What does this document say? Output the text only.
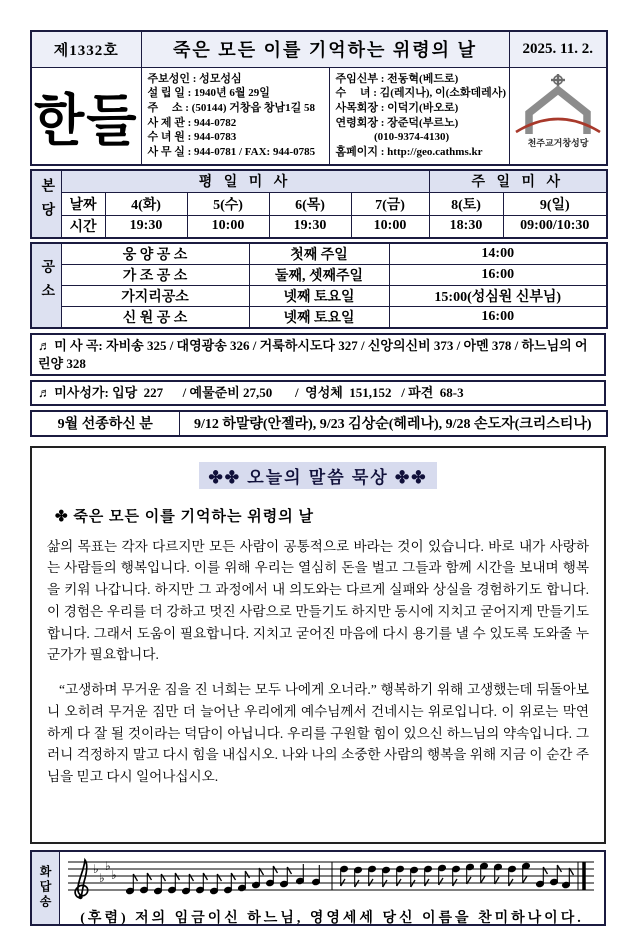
제1332호	죽은 모든 이를 기억하는 위령의 날		2025. 11. 2.
한들	
주보성인 : 성모성심
설 립 일 : 1940년 6월 29일
주     소 : (50144) 거창읍 창남1길 58
사 제 관 : 944-0782
수 녀 원 : 944-0783
사 무 실 : 944-0781 / FAX: 944-0785

주임신부 : 전동혁(베드로)
수     녀 : 김(레지나), 이(소화데레사)
사목회장 : 이덕기(바오로)
연령회장 : 장준덕(부르노)
(010-9374-4130)
홈페이지 : http://geo.cathms.kr

천주교거창성당
본당	평 일 미 사					주 일 미 사	
	날짜	4(화)	5(수)	6(목)	7(금)	8(토)	9(일)
	시간	19:30	10:00	19:30	10:00	18:30	09:00/10:30
공소	웅 양 공 소	첫째 주일	14:00
	가 조 공 소	둘째, 셋째주일	16:00
	가지리공소	넷째 토요일	15:00(성심원 신부님)
	신 원 공 소	넷째 토요일	16:00
♬ 미 사 곡: 자비송 325 / 대영광송 326 / 거룩하시도다 327 / 신앙의신비 373 / 아멘 378 / 하느님의 어린양 328
♬ 미사성가: 입당  227      / 예물준비 27,50       /  영성체  151,152   / 파견  68-3
9월 선종하신 분	9/12 하말량(안젤라), 9/23 김상순(헤레나), 9/28 손도자(크리스티나)
✤✤ 오늘의 말씀 묵상 ✤✤
✤ 죽은 모든 이를 기억하는 위령의 날
삶의 목표는 각자 다르지만 모든 사람이 공통적으로 바라는 것이 있습니다. 바로 내가 사랑하는 사람들의 행복입니다. 이를 위해 우리는 열심히 돈을 벌고 그들과 함께 시간을 보내며 행복을 키워 나갑니다. 하지만 그 과정에서 내 의도와는 다르게 실패와 상실을 경험하기도 합니다. 이 경험은 우리를 더 강하고 멋진 사람으로 만들기도 하지만 동시에 지치고 굳어지게 만들기도 합니다. 그래서 도움이 필요합니다. 지치고 굳어진 마음에 다시 용기를 낼 수 있도록 도와줄 누군가가 필요합니다.
“고생하며 무거운 짐을 진 너희는 모두 나에게 오너라.” 행복하기 위해 고생했는데 뒤돌아보니 오히려 무거운 짐만 더 늘어난 우리에게 예수님께서 건네시는 위로입니다. 이 위로는 막연하게 다 잘 될 것이라는 덕담이 아닙니다. 우리를 구원할 힘이 있으신 하느님의 약속입니다. 그러니 걱정하지 말고 다시 힘을 내십시오. 나와 나의 소중한 사람의 행복을 위해 지금 이 순간 주님을 믿고 다시 일어나십시오.
화답송	♭
♭
♭
♭
(후렴) 저의 임금이신 하느님, 영영세세 당신 이름을 찬미하나이다.
